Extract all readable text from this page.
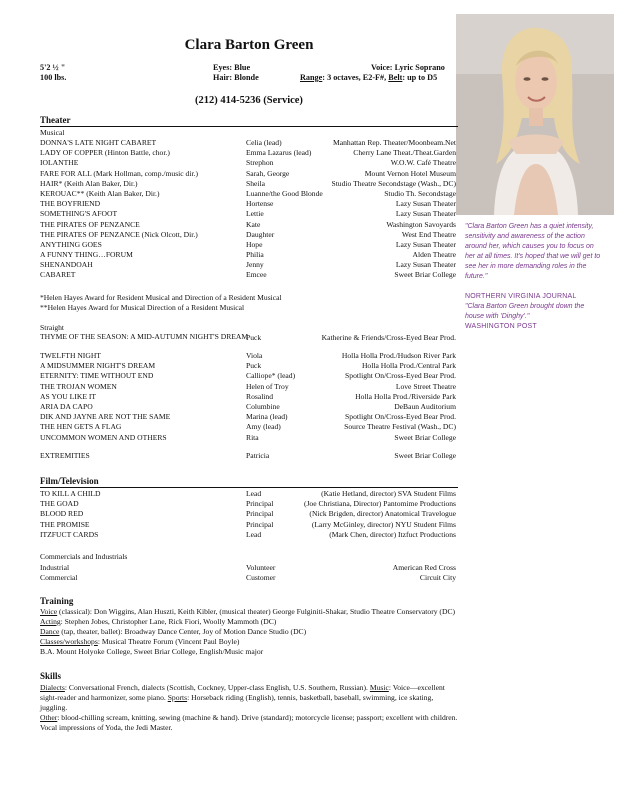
Clara Barton Green
5'2 ½ "
100 lbs.
Eyes: Blue
Hair: Blonde
Voice: Lyric Soprano
Range: 3 octaves, E2-F#, Belt: up to D5
(212) 414-5236 (Service)
"Clara Barton Green has a quiet intensity, sensitivity and awareness of the action around her, which causes you to focus on her at all times. It's hoped that we will get to see her in more demanding roles in the future."
NORTHERN VIRGINIA JOURNAL
"Clara Barton Green brought down the house with 'Dinghy'."
WASHINGTON POST
Theater
Musical
DONNA'S LATE NIGHT CABARET	Celia (lead)	Manhattan Rep. Theater/Moonbeam.Net
LADY OF COPPER (Hinton Battle, chor.)	Emma Lazarus (lead)	Cherry Lane Theat./Theat.Garden
IOLANTHE	Strephon	W.O.W. Café Theatre
FARE FOR ALL (Mark Hollman, comp./music dir.)	Sarah, George	Mount Vernon Hotel Museum
HAIR* (Keith Alan Baker, Dir.)	Sheila	Studio Theatre Secondstage (Wash., DC)
KEROUAC** (Keith Alan Baker, Dir.)	Luanne/the Good Blonde	Studio Th. Secondstage
THE BOYFRIEND	Hortense	Lazy Susan Theater
SOMETHING'S AFOOT	Lettie	Lazy Susan Theater
THE PIRATES OF PENZANCE	Kate	Washington Savoyards
THE PIRATES OF PENZANCE (Nick Olcott, Dir.)	Daughter	West End Theatre
ANYTHING GOES	Hope	Lazy Susan Theater
A FUNNY THING…FORUM	Philia	Alden Theatre
SHENANDOAH	Jenny	Lazy Susan Theater
CABARET	Emcee	Sweet Briar College
*Helen Hayes Award for Resident Musical and Direction of a Resident Musical
**Helen Hayes Award for Musical Direction of a Resident Musical
Straight
THYME OF THE SEASON: A MID-AUTUMN NIGHT'S DREAM
Puck	Katherine & Friends/Cross-Eyed Bear Prod.
TWELFTH NIGHT	Viola	Holla Holla Prod./Hudson River Park
A MIDSUMMER NIGHT'S DREAM	Puck	Holla Holla Prod./Central Park
ETERNITY: TIME WITHOUT END	Calliope* (lead)	Spotlight On/Cross-Eyed Bear Prod.
THE TROJAN WOMEN	Helen of Troy	Love Street Theatre
AS YOU LIKE IT	Rosalind	Holla Holla Prod./Riverside Park
ARIA DA CAPO	Columbine	DeBaun Auditorium
DIK AND JAYNE ARE NOT THE SAME	Marina (lead)	Spotlight On/Cross-Eyed Bear Prod.
THE HEN GETS A FLAG	Amy (lead)	Source Theatre Festival (Wash., DC)
UNCOMMON WOMEN AND OTHERS	Rita	Sweet Briar College
EXTREMITIES	Patricia	Sweet Briar College
Film/Television
TO KILL A CHILD	Lead	(Katie Hetland, director) SVA Student Films
THE GOAD	Principal	(Joe Christiana, Director) Pantomime Productions
BLOOD RED	Principal	(Nick Brigden, director) Anatomical Travelogue
THE PROMISE	Principal	(Larry McGinley, director) NYU Student Films
ITZFUCT CARDS	Lead	(Mark Chen, director) Itzfuct Productions
Commercials and Industrials
Industrial	Volunteer	American Red Cross
Commercial	Customer	Circuit City
Training
Voice (classical): Don Wiggins, Alan Huszti, Keith Kibler, (musical theater) George Fulginiti-Shakar, Studio Theatre Conservatory (DC)
Acting: Stephen Jobes, Christopher Lane, Rick Fiori, Woolly Mammoth (DC)
Dance (tap, theater, ballet): Broadway Dance Center, Joy of Motion Dance Studio (DC)
Classes/workshops: Musical Theatre Forum (Vincent Paul Boyle)
B.A. Mount Holyoke College, Sweet Briar College, English/Music major
Skills
Dialects: Conversational French, dialects (Scottish, Cockney, Upper-class English, U.S. Southern, Russian). Music: Voice—excellent sight-reader and harmonizer, some piano. Sports: Horseback riding (English), tennis, basketball, baseball, swimming, ice skating, juggling.
Other: blood-chilling scream, knitting, sewing (machine & hand). Drive (standard); motorcycle license; passport; excellent with children.
Vocal impressions of Yoda, the Jedi Master.
